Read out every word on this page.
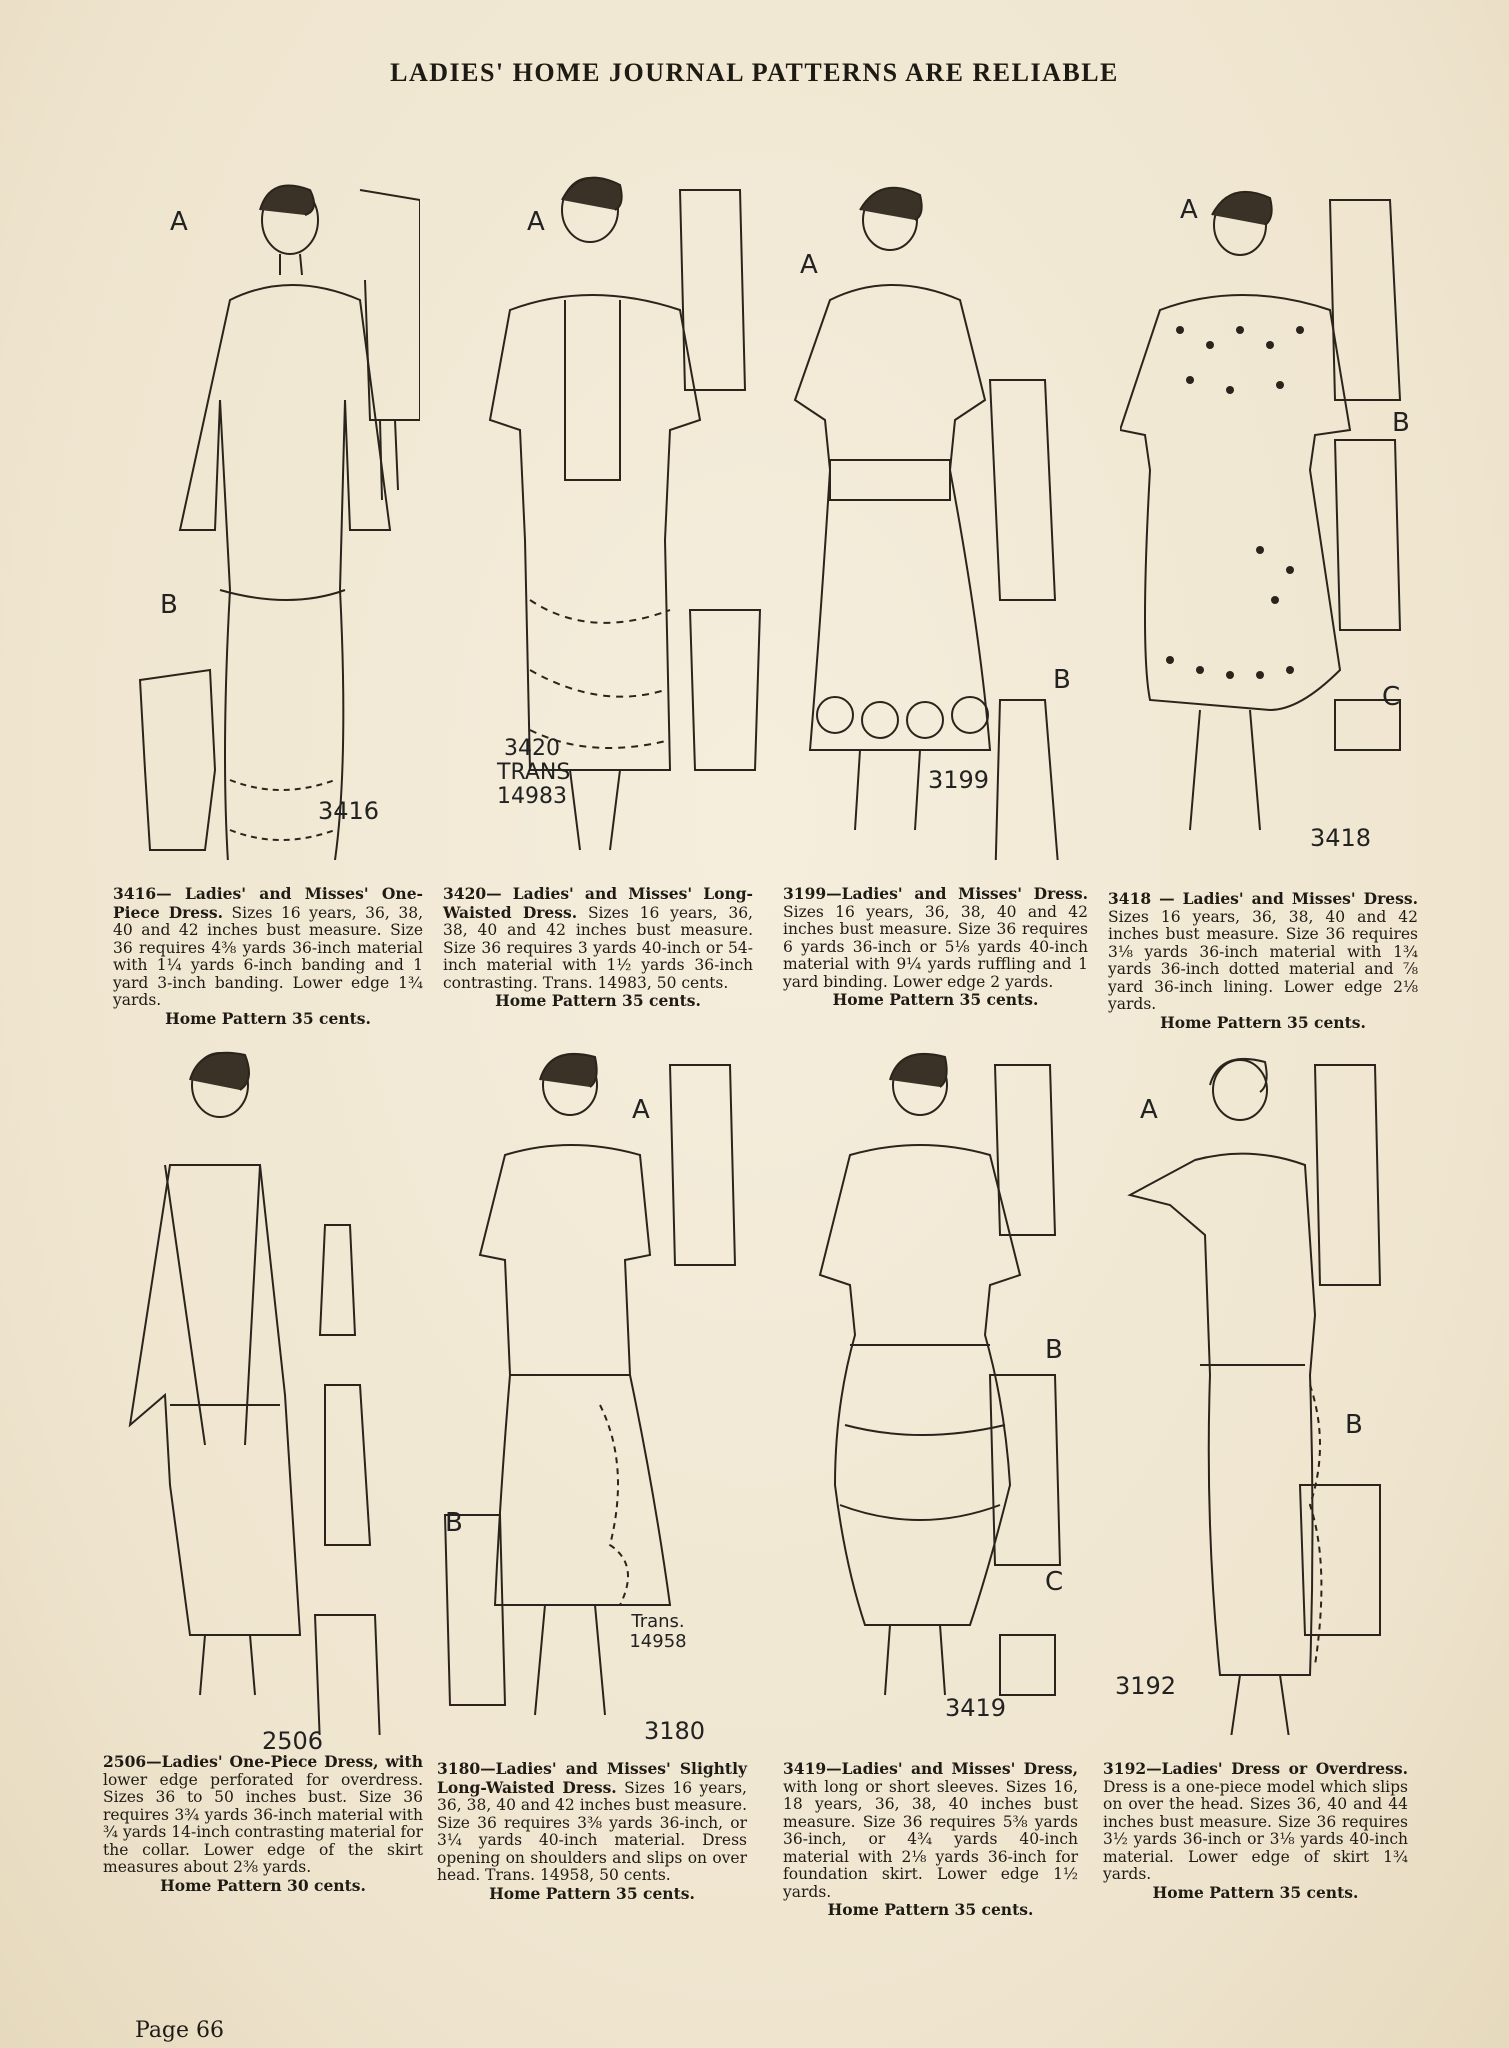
LADIES' HOME JOURNAL PATTERNS ARE RELIABLE
A
B
3416
A
3420
TRANS 14983
A
B
3199
A
B
C
3418
3416— Ladies' and Misses' One-Piece Dress. Sizes 16 years, 36, 38, 40 and 42 inches bust measure. Size 36 requires 4⅜ yards 36-inch material with 1¼ yards 6-inch banding and 1 yard 3-inch banding. Lower edge 1¾ yards.
Home Pattern 35 cents.
3420— Ladies' and Misses' Long-Waisted Dress. Sizes 16 years, 36, 38, 40 and 42 inches bust measure. Size 36 requires 3 yards 40-inch or 54-inch material with 1½ yards 36-inch contrasting. Trans. 14983, 50 cents.
Home Pattern 35 cents.
3199—Ladies' and Misses' Dress. Sizes 16 years, 36, 38, 40 and 42 inches bust measure. Size 36 requires 6 yards 36-inch or 5⅛ yards 40-inch material with 9¼ yards ruffling and 1 yard binding. Lower edge 2 yards.
Home Pattern 35 cents.
3418 — Ladies' and Misses' Dress. Sizes 16 years, 36, 38, 40 and 42 inches bust measure. Size 36 requires 3⅛ yards 36-inch material with 1¾ yards 36-inch dotted material and ⅞ yard 36-inch lining. Lower edge 2⅛ yards.
Home Pattern 35 cents.
2506
A
B
Trans. 14958
3180
B
C
3419
A
B
3192
2506—Ladies' One-Piece Dress, with lower edge perforated for overdress. Sizes 36 to 50 inches bust. Size 36 requires 3¾ yards 36-inch material with ¾ yards 14-inch contrasting material for the collar. Lower edge of the skirt measures about 2⅜ yards.
Home Pattern 30 cents.
3180—Ladies' and Misses' Slightly Long-Waisted Dress. Sizes 16 years, 36, 38, 40 and 42 inches bust measure. Size 36 requires 3⅜ yards 36-inch, or 3¼ yards 40-inch material. Dress opening on shoulders and slips on over head. Trans. 14958, 50 cents.
Home Pattern 35 cents.
3419—Ladies' and Misses' Dress, with long or short sleeves. Sizes 16, 18 years, 36, 38, 40 inches bust measure. Size 36 requires 5⅜ yards 36-inch, or 4¾ yards 40-inch material with 2⅛ yards 36-inch for foundation skirt. Lower edge 1½ yards.
Home Pattern 35 cents.
3192—Ladies' Dress or Overdress. Dress is a one-piece model which slips on over the head. Sizes 36, 40 and 44 inches bust measure. Size 36 requires 3½ yards 36-inch or 3⅛ yards 40-inch material. Lower edge of skirt 1¾ yards.
Home Pattern 35 cents.
Page 66
